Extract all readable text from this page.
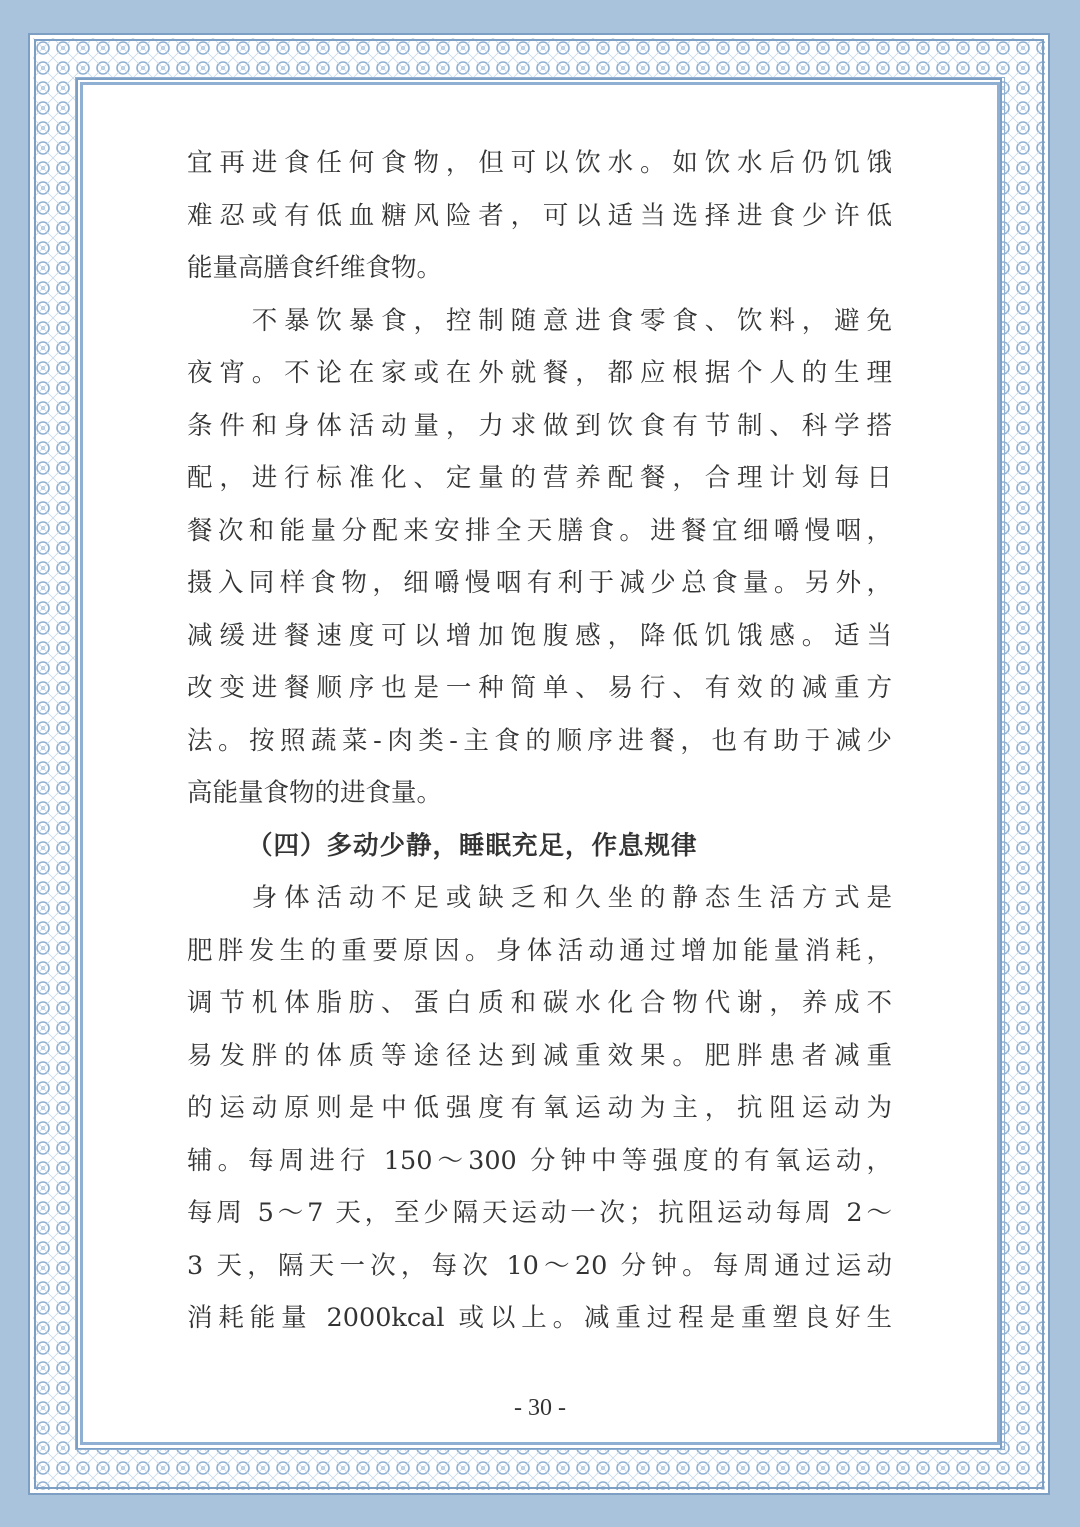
宜再进食任何食物，但可以饮水。如饮水后仍饥饿
难忍或有低血糖风险者，可以适当选择进食少许低
能量高膳食纤维食物。
　　不暴饮暴食，控制随意进食零食、饮料，避免
夜宵。不论在家或在外就餐，都应根据个人的生理
条件和身体活动量，力求做到饮食有节制、科学搭
配，进行标准化、定量的营养配餐，合理计划每日
餐次和能量分配来安排全天膳食。进餐宜细嚼慢咽，
摄入同样食物，细嚼慢咽有利于减少总食量。另外，
减缓进餐速度可以增加饱腹感，降低饥饿感。适当
改变进餐顺序也是一种简单、易行、有效的减重方
法。按照蔬菜-肉类-主食的顺序进餐，也有助于减少
高能量食物的进食量。
（四）多动少静，睡眠充足，作息规律
　　身体活动不足或缺乏和久坐的静态生活方式是
肥胖发生的重要原因。身体活动通过增加能量消耗，
调节机体脂肪、蛋白质和碳水化合物代谢，养成不
易发胖的体质等途径达到减重效果。肥胖患者减重
的运动原则是中低强度有氧运动为主，抗阻运动为
辅。每周进行 150～300 分钟中等强度的有氧运动，
每周 5～7 天，至少隔天运动一次；抗阻运动每周 2～
3 天，隔天一次，每次 10～20 分钟。每周通过运动
消耗能量 2000kcal 或以上。减重过程是重塑良好生
- 30 -
